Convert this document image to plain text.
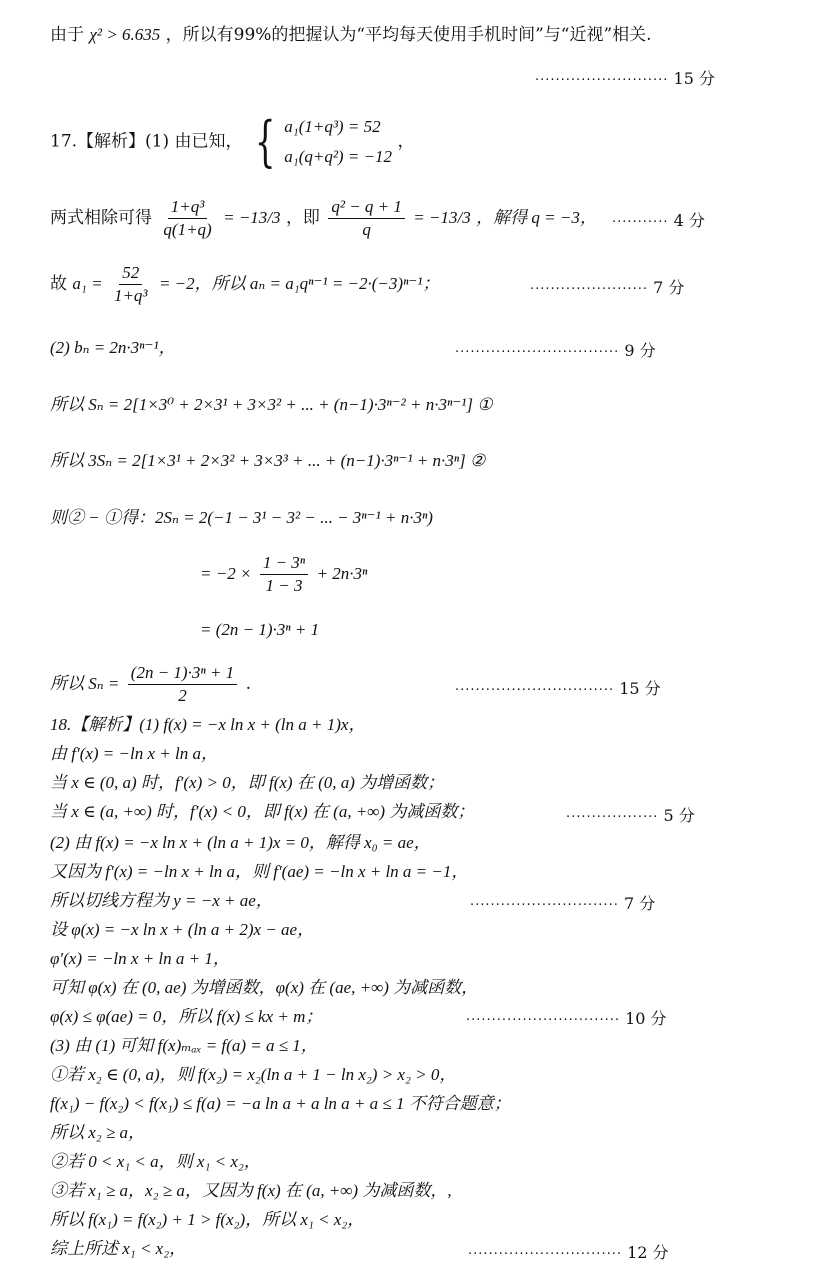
由于 χ² > 6.635 ，所以有99%的把握认为“平均每天使用手机时间”与“近视”相关.
·························· 15 分
17.【解析】(1) 由已知， { a₁(1+q³) = 52
a₁(q+q²) = −12
，
两式相除可得 $\frac{\text{1+q³}}{q(1+q)} = -13/3$ ，即 $\frac{\text{q² − q + 1}}{q} = -13/3$ ，解得 q = −3， ··········· 4 分
故 $a_1 = \frac{52}{\text{1+q³}} = -2$，所以 aₙ = a₁qⁿ⁻¹ = −2·(−3)ⁿ⁻¹；	······················· 7 分
(2) bₙ = 2n·3ⁿ⁻¹，	································ 9 分
所以 Sₙ = 2[1×3⁰ + 2×3¹ + 3×3² + ... + (n−1)·3ⁿ⁻² + n·3ⁿ⁻¹] ①
所以 3Sₙ = 2[1×3¹ + 2×3² + 3×3³ + ... + (n−1)·3ⁿ⁻¹ + n·3ⁿ] ②
则② − ①得：2Sₙ = 2(−1 − 3¹ − 3² − ... − 3ⁿ⁻¹ + n·3ⁿ)
= $-2 \times \frac{\text{1 − 3ⁿ}}{1 - 3} + 2n\cdot 3^n$
= (2n − 1)·3ⁿ + 1
所以 $S_n = \frac{\text{(2n − 1)·3ⁿ + 1}}{2}$ .	······························· 15 分
18.【解析】(1) f(x) = −x ln x + (ln a + 1)x，
由 f′(x) = −ln x + ln a，
当 x ∈ (0, a) 时，f′(x) > 0，即 f(x) 在 (0, a) 为增函数；
当 x ∈ (a, +∞) 时，f′(x) < 0，即 f(x) 在 (a, +∞) 为减函数；	·················· 5 分
(2) 由 f(x) = −x ln x + (ln a + 1)x = 0，解得 x₀ = ae，
又因为 f′(x) = −ln x + ln a，则 f′(ae) = −ln x + ln a = −1，
所以切线方程为 y = −x + ae，	····························· 7 分
设 φ(x) = −x ln x + (ln a + 2)x − ae，
φ′(x) = −ln x + ln a + 1，
可知 φ(x) 在 (0, ae) 为增函数，φ(x) 在 (ae, +∞) 为减函数，
φ(x) ≤ φ(ae) = 0，所以 f(x) ≤ kx + m；	······························ 10 分
(3) 由 (1) 可知 f(x)ₘₐₓ = f(a) = a ≤ 1，
①若 x₂ ∈ (0, a)，则 f(x₂) = x₂(ln a + 1 − ln x₂) > x₂ > 0，
f(x₁) − f(x₂) < f(x₁) ≤ f(a) = −a ln a + a ln a + a ≤ 1 不符合题意；
所以 x₂ ≥ a，
②若 0 < x₁ < a，则 x₁ < x₂，
③若 x₁ ≥ a，x₂ ≥ a，又因为 f(x) 在 (a, +∞) 为减函数，,
所以 f(x₁) = f(x₂) + 1 > f(x₂)，所以 x₁ < x₂，
综上所述 x₁ < x₂，	······························ 12 分
